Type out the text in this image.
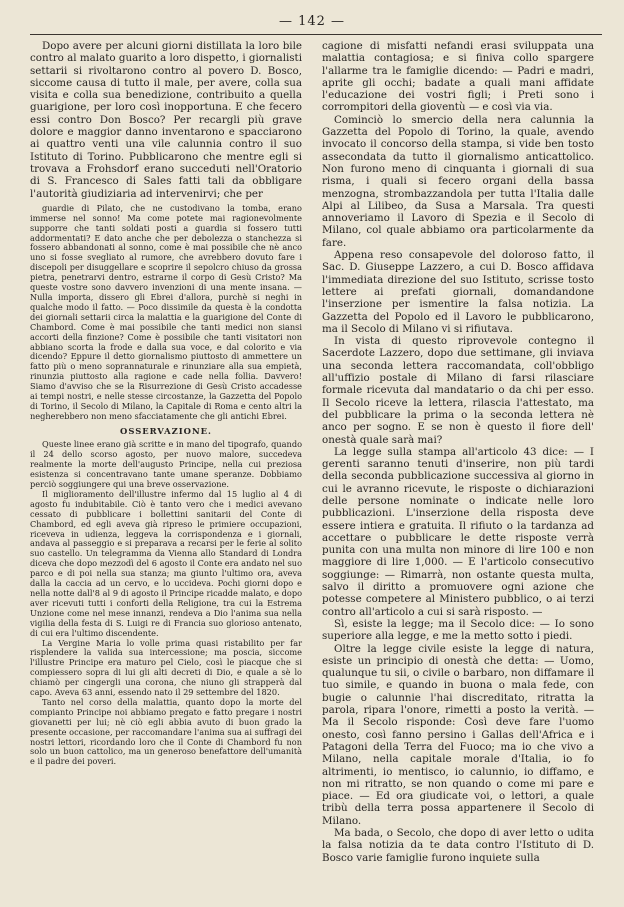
— 142 —

Dopo avere per alcuni giorni distillata la loro bile contro al malato guarito a loro dispetto, i giornalisti settarii si rivoltarono contro al povero D. Bosco, siccome causa di tutto il male, per avere, colla sua visita e colla sua benedizione, contribuito a quella guarigione, per loro così inopportuna. E che fecero essi contro Don Bosco? Per recargli più grave dolore e maggior danno inventarono e spacciarono ai quattro venti una vile calunnia contro il suo Istituto di Torino. Pubblicarono che mentre egli si trovava a Frohsdorf erano succeduti nell'Oratorio di S. Francesco di Sales fatti tali da obbligare l'autorità giudiziaria ad intervenirvi; che per

guardie di Pilato, che ne custodivano la tomba, erano immerse nel sonno! Ma come potete mai ragionevolmente supporre che tanti soldati posti a guardia si fossero tutti addormentati? E dato anche che per debolezza o stanchezza si fossero abbandonati al sonno, come è mai possibile che nè anco uno si fosse svegliato al rumore, che avrebbero dovuto fare i discepoli per disuggellare e scoprire il sepolcro chiuso da grossa pietra, penetrarvi dentro, estrarne il corpo di Gesù Cristo? Ma queste vostre sono davvero invenzioni di una mente insana. — Nulla importa, dissero gli Ebrei d'allora, purchè si neghi in qualche modo il fatto. — Poco dissimile da questa è la condotta dei giornali settarii circa la malattia e la guarigione del Conte di Chambord. Come è mai possibile che tanti medici non siansi accorti della finzione? Come è possibile che tanti visitatori non abbiano scorta la frode e dalla sua voce, e dal colorito e via dicendo? Eppure il detto giornalismo piuttosto di ammettere un fatto più o meno soprannaturale e rinunziare alla sua empietà, rinunzia piuttosto alla ragione e cade nella follia. Davvero! Siamo d'avviso che se la Risurrezione di Gesù Cristo accadesse ai tempi nostri, e nelle stesse circostanze, la Gazzetta del Popolo di Torino, il Secolo di Milano, la Capitale di Roma e cento altri la negherebbero non meno sfacciatamente che gli antichi Ebrei.

OSSERVAZIONE.

Queste linee erano già scritte e in mano del tipografo, quando il 24 dello scorso agosto, per nuovo malore, succedeva realmente la morte dell'augusto Principe, nella cui preziosa esistenza si concentravano tante umane speranze. Dobbiamo perciò soggiungere qui una breve osservazione.

Il miglioramento dell'illustre infermo dal 15 luglio al 4 di agosto fu indubitabile. Ciò è tanto vero che i medici avevano cessato di pubblicare i bollettini sanitarii del Conte di Chambord, ed egli aveva già ripreso le primiere occupazioni, riceveva in udienza, leggeva la corrispondenza e i giornali, andava al passeggio e si preparava a recarsi per le ferie al solito suo castello. Un telegramma da Vienna allo Standard di Londra diceva che dopo mezzodì del 6 agosto il Conte era andato nel suo parco e di poi nella sua stanza; ma giunto l'ultimo ora, aveva dalla la caccia ad un cervo, e lo uccideva. Pochi giorni dopo e nella notte dall'8 al 9 di agosto il Principe ricadde malato, e dopo aver ricevuti tutti i conforti della Religione, tra cui la Estrema Unzione come nel mese innanzi, rendeva a Dio l'anima sua nella vigilia della festa di S. Luigi re di Francia suo glorioso antenato, di cui era l'ultimo discendente.

La Vergine Maria lo volle prima quasi ristabilito per far risplendere la valida sua intercessione; ma poscia, siccome l'illustre Principe era maturo pel Cielo, così le piacque che si compiessero sopra di lui gli alti decreti di Dio, e quale a sè lo chiamò per cingergli una corona, che niuno gli strapperà dal capo. Aveva 63 anni, essendo nato il 29 settembre del 1820.

Tanto nel corso della malattia, quanto dopo la morte del compianto Principe noi abbiamo pregato e fatto pregare i nostri giovanetti per lui; nè ciò egli abbia avuto di buon grado la presente occasione, per raccomandare l'anima sua ai suffragi dei nostri lettori, ricordando loro che il Conte di Chambord fu non solo un buon cattolico, ma un generoso benefattore dell'umanità e il padre dei poveri.

cagione di misfatti nefandi erasi sviluppata una malattia contagiosa; e si finiva collo spargere l'allarme tra le famiglie dicendo: — Padri e madri, aprite gli occhi; badate a quali mani affidate l'educazione dei vostri figli; i Preti sono i corrompitori della gioventù — e così via via.

Cominciò lo smercio della nera calunnia la Gazzetta del Popolo di Torino, la quale, avendo invocato il concorso della stampa, si vide ben tosto assecondata da tutto il giornalismo anticattolico. Non furono meno di cinquanta i giornali di sua risma, i quali si fecero organi della bassa menzogna, strombazzandola per tutta l'Italia dalle Alpi al Lilibeo, da Susa a Marsala. Tra questi annoveriamo il Lavoro di Spezia e il Secolo di Milano, col quale abbiamo ora particolarmente da fare.

Appena reso consapevole del doloroso fatto, il Sac. D. Giuseppe Lazzero, a cui D. Bosco affidava l'immediata direzione del suo Istituto, scrisse tosto lettere ai prefati giornali, domandandone l'inserzione per ismentire la falsa notizia. La Gazzetta del Popolo ed il Lavoro le pubblicarono, ma il Secolo di Milano vi si rifiutava.

In vista di questo riprovevole contegno il Sacerdote Lazzero, dopo due settimane, gli inviava una seconda lettera raccomandata, coll'obbligo all'uffizio postale di Milano di farsi rilasciare formale ricevuta dal mandatario o da chi per esso. Il Secolo riceve la lettera, rilascia l'attestato, ma del pubblicare la prima o la seconda lettera nè anco per sogno. E se non è questo il fiore dell' onestà quale sarà mai?

La legge sulla stampa all'articolo 43 dice: — I gerenti saranno tenuti d'inserire, non più tardi della seconda pubblicazione successiva al giorno in cui le avranno ricevute, le risposte o dichiarazioni delle persone nominate o indicate nelle loro pubblicazioni. L'inserzione della risposta deve essere intiera e gratuita. Il rifiuto o la tardanza ad accettare o pubblicare le dette risposte verrà punita con una multa non minore di lire 100 e non maggiore di lire 1,000. — E l'articolo consecutivo soggiunge: — Rimarrà, non ostante questa multa, salvo il diritto a promuovere ogni azione che potesse competere al Ministero pubblico, o ai terzi contro all'articolo a cui si sarà risposto. —

Sì, esiste la legge; ma il Secolo dice: — Io sono superiore alla legge, e me la metto sotto i piedi.

Oltre la legge civile esiste la legge di natura, esiste un principio di onestà che detta: — Uomo, qualunque tu sii, o civile o barbaro, non diffamare il tuo simile, e quando in buona o mala fede, con bugie o calunnie l'hai discreditato, ritratta la parola, ripara l'onore, rimetti a posto la verità. — Ma il Secolo risponde: Così deve fare l'uomo onesto, così fanno persino i Gallas dell'Africa e i Patagoni della Terra del Fuoco; ma io che vivo a Milano, nella capitale morale d'Italia, io fo altrimenti, io mentisco, io calunnio, io diffamo, e non mi ritratto, se non quando o come mi pare e piace. — Ed ora giudicate voi, o lettori, a quale tribù della terra possa appartenere il Secolo di Milano.

Ma bada, o Secolo, che dopo di aver letto o udita la falsa notizia da te data contro l'Istituto di D. Bosco varie famiglie furono inquiete sulla
